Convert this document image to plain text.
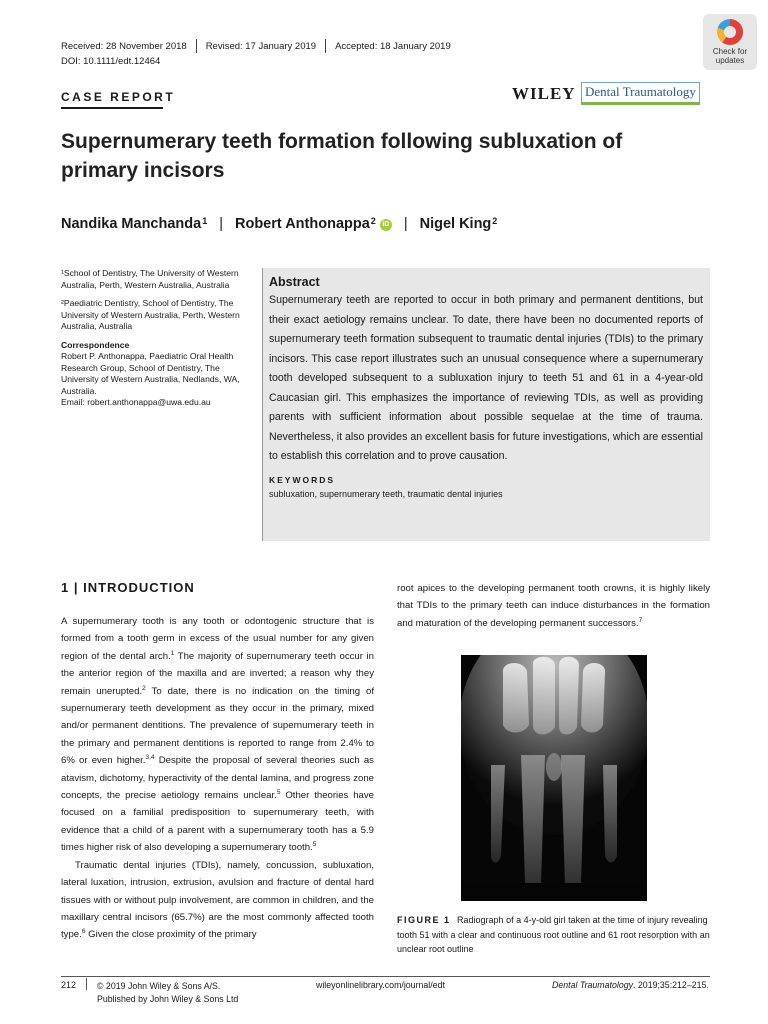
Received: 28 November 2018 Revised: 17 January 2019 Accepted: 18 January 2019
DOI: 10.1111/edt.12464
Check for
updates
CASE REPORT	WILEY Dental Traumatology
Supernumerary teeth formation following subluxation of primary incisors
Nandika Manchanda$^1$ | Robert Anthonappa$^2$ iD | Nigel King$^2$

¹School of Dentistry, The University of Western Australia, Perth, Western Australia, Australia

²Paediatric Dentistry, School of Dentistry, The University of Western Australia, Perth, Western Australia, Australia

Correspondence

Robert P. Anthonappa, Paediatric Oral Health Research Group, School of Dentistry, The University of Western Australia, Nedlands, WA, Australia.

Email: robert.anthonappa@uwa.edu.au

Abstract
Supernumerary teeth are reported to occur in both primary and permanent dentitions, but their exact aetiology remains unclear. To date, there have been no documented reports of supernumerary teeth formation subsequent to traumatic dental injuries (TDIs) to the primary incisors. This case report illustrates such an unusual consequence where a supernumerary tooth developed subsequent to a subluxation injury to teeth 51 and 61 in a 4-year-old Caucasian girl. This emphasizes the importance of reviewing TDIs, as well as providing parents with sufficient information about possible sequelae at the time of trauma. Nevertheless, it also provides an excellent basis for future investigations, which are essential to establish this correlation and to prove causation.
KEYWORDS
subluxation, supernumerary teeth, traumatic dental injuries
1 | INTRODUCTION

A supernumerary tooth is any tooth or odontogenic structure that is formed from a tooth germ in excess of the usual number for any given region of the dental arch.$^1$ The majority of supernumerary teeth occur in the anterior region of the maxilla and are inverted; a reason why they remain unerupted.$^2$ To date, there is no indication on the timing of supernumerary teeth development as they occur in the primary, mixed and/or permanent dentitions. The prevalence of supernumerary teeth in the primary and permanent dentitions is reported to range from 2.4% to 6% or even higher.$^{3,4}$ Despite the proposal of several theories such as atavism, dichotomy, hyperactivity of the dental lamina, and progress zone concepts, the precise aetiology remains unclear.$^5$ Other theories have focused on a familial predisposition to supernumerary teeth, with evidence that a child of a parent with a supernumerary tooth has a 5.9 times higher risk of also developing a supernumerary tooth.$^5$

Traumatic dental injuries (TDIs), namely, concussion, subluxation, lateral luxation, intrusion, extrusion, avulsion and fracture of dental hard tissues with or without pulp involvement, are common in children, and the maxillary central incisors (65.7%) are the most commonly affected tooth type.$^6$ Given the close proximity of the primary

root apices to the developing permanent tooth crowns, it is highly likely that TDIs to the primary teeth can induce disturbances in the formation and maturation of the developing permanent successors.$^7$
FIGURE 1 Radiograph of a 4-y-old girl taken at the time of injury revealing tooth 51 with a clear and continuous root outline and 61 root resorption with an unclear root outline
212 © 2019 John Wiley & Sons A/S.
Published by John Wiley & Sons Ltd
wileyonlinelibrary.com/journal/edt	Dental Traumatology. 2019;35:212–215.
